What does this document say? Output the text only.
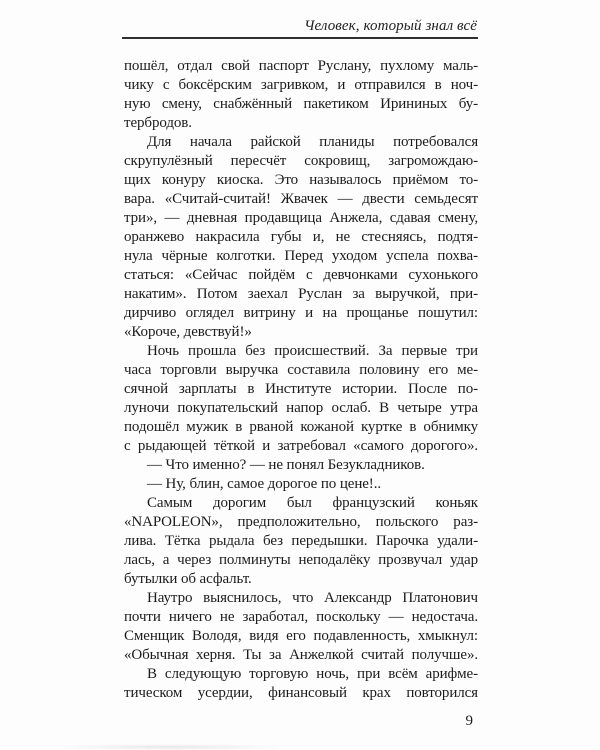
Человек, который знал всё
пошёл, отдал свой паспорт Руслану, пухлому маль-
чику с боксёрским загривком, и отправился в ноч-
ную смену, снабжённый пакетиком Ирининых бу-
тербродов.
Для начала райской планиды потребовался
скрупулёзный пересчёт сокровищ, загромождаю-
щих конуру киоска. Это называлось приёмом то-
вара. «Считай-считай! Жвачек — двести семьдесят
три», — дневная продавщица Анжела, сдавая смену,
оранжево накрасила губы и, не стесняясь, подтя-
нула чёрные колготки. Перед уходом успела похва-
статься: «Сейчас пойдём с девчонками сухонького
накатим». Потом заехал Руслан за выручкой, при-
дирчиво оглядел витрину и на прощанье пошутил:
«Короче, девствуй!»
Ночь прошла без происшествий. За первые три
часа торговли выручка составила половину его ме-
сячной зарплаты в Институте истории. После по-
луночи покупательский напор ослаб. В четыре утра
подошёл мужик в рваной кожаной куртке в обнимку
с рыдающей тёткой и затребовал «самого дорогого».
— Что именно? — не понял Безукладников.
— Ну, блин, самое дорогое по цене!..
Самым дорогим был французский коньяк
«NAPOLEON», предположительно, польского раз-
лива. Тётка рыдала без передышки. Парочка удали-
лась, а через полминуты неподалёку прозвучал удар
бутылки об асфальт.
Наутро выяснилось, что Александр Платонович
почти ничего не заработал, поскольку — недостача.
Сменщик Володя, видя его подавленность, хмыкнул:
«Обычная херня. Ты за Анжелкой считай получше».
В следующую торговую ночь, при всём арифме-
тическом усердии, финансовый крах повторился
9
